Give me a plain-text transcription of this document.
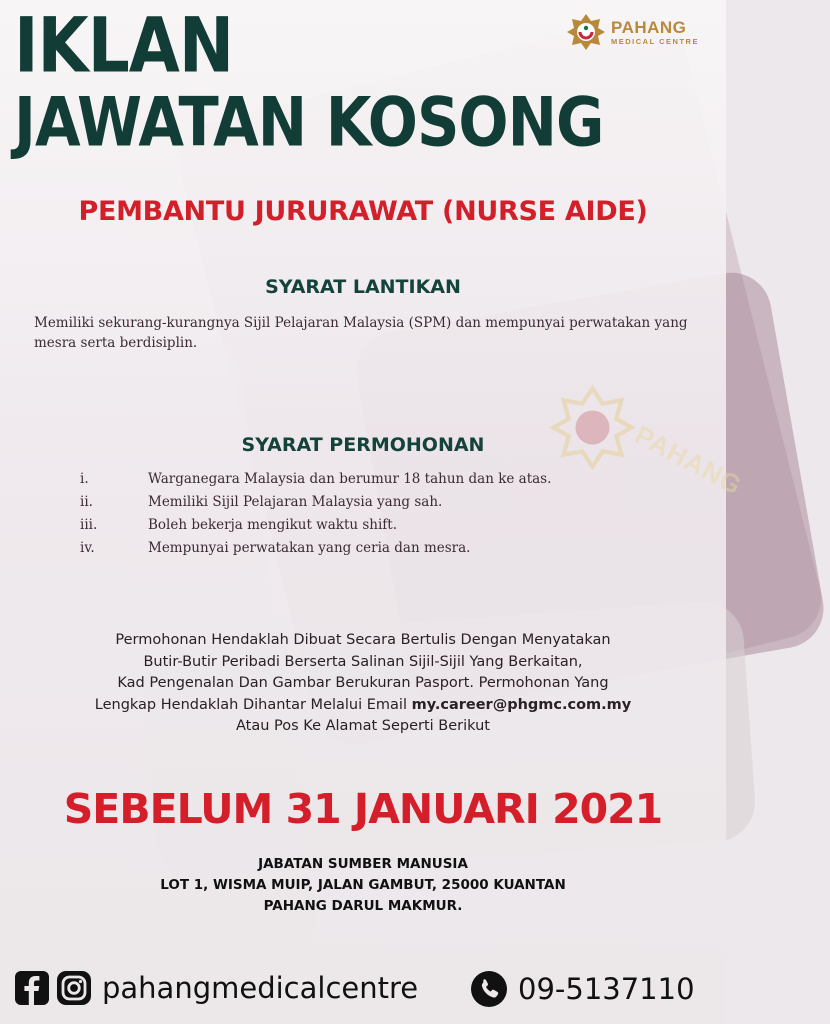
PAHANG
IKLAN
JAWATAN KOSONG
PAHANG
MEDICAL CENTRE
PEMBANTU JURURAWAT (NURSE AIDE)
SYARAT LANTIKAN
Memiliki sekurang-kurangnya Sijil Pelajaran Malaysia (SPM) dan mempunyai perwatakan yang mesra serta berdisiplin.
SYARAT PERMOHONAN
i.	Warganegara Malaysia dan berumur 18 tahun dan ke atas.
ii.	Memiliki Sijil Pelajaran Malaysia yang sah.
iii.	Boleh bekerja mengikut waktu shift.
iv.	Mempunyai perwatakan yang ceria dan mesra.
Permohonan Hendaklah Dibuat Secara Bertulis Dengan Menyatakan
Butir-Butir Peribadi Berserta Salinan Sijil-Sijil Yang Berkaitan,
Kad Pengenalan Dan Gambar Berukuran Pasport. Permohonan Yang
Lengkap Hendaklah Dihantar Melalui Email my.career@phgmc.com.my
Atau Pos Ke Alamat Seperti Berikut
SEBELUM 31 JANUARI 2021
JABATAN SUMBER MANUSIA
LOT 1, WISMA MUIP, JALAN GAMBUT, 25000 KUANTAN
PAHANG DARUL MAKMUR.
pahangmedicalcentre	09-5137110
